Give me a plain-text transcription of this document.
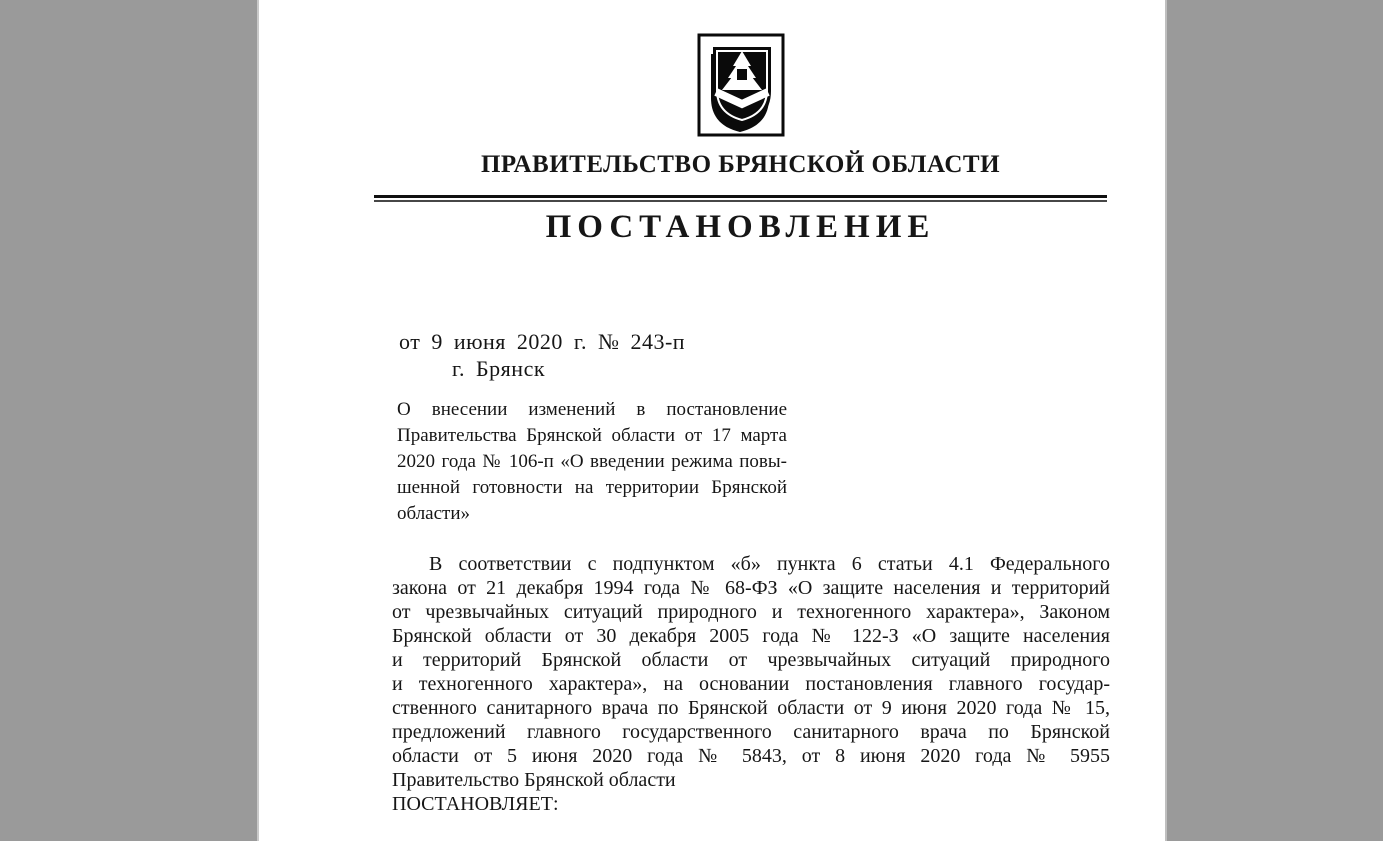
ПРАВИТЕЛЬСТВО БРЯНСКОЙ ОБЛАСТИ
ПОСТАНОВЛЕНИЕ
от 9 июня 2020 г. № 243-п
г. Брянск
О внесении изменений в постановление
Правительства Брянской области от 17 марта
2020 года № 106-п «О введении режима повы-
шенной готовности на территории Брянской
области»
В соответствии с подпунктом «б» пункта 6 статьи 4.1 Федерального
закона от 21 декабря 1994 года № 68-ФЗ «О защите населения и территорий
от чрезвычайных ситуаций природного и техногенного характера», Законом
Брянской области от 30 декабря 2005 года № 122-З «О защите населения
и территорий Брянской области от чрезвычайных ситуаций природного
и техногенного характера», на основании постановления главного государ-
ственного санитарного врача по Брянской области от 9 июня 2020 года № 15,
предложений главного государственного санитарного врача по Брянской
области от 5 июня 2020 года № 5843, от 8 июня 2020 года № 5955
Правительство Брянской области
ПОСТАНОВЛЯЕТ:
